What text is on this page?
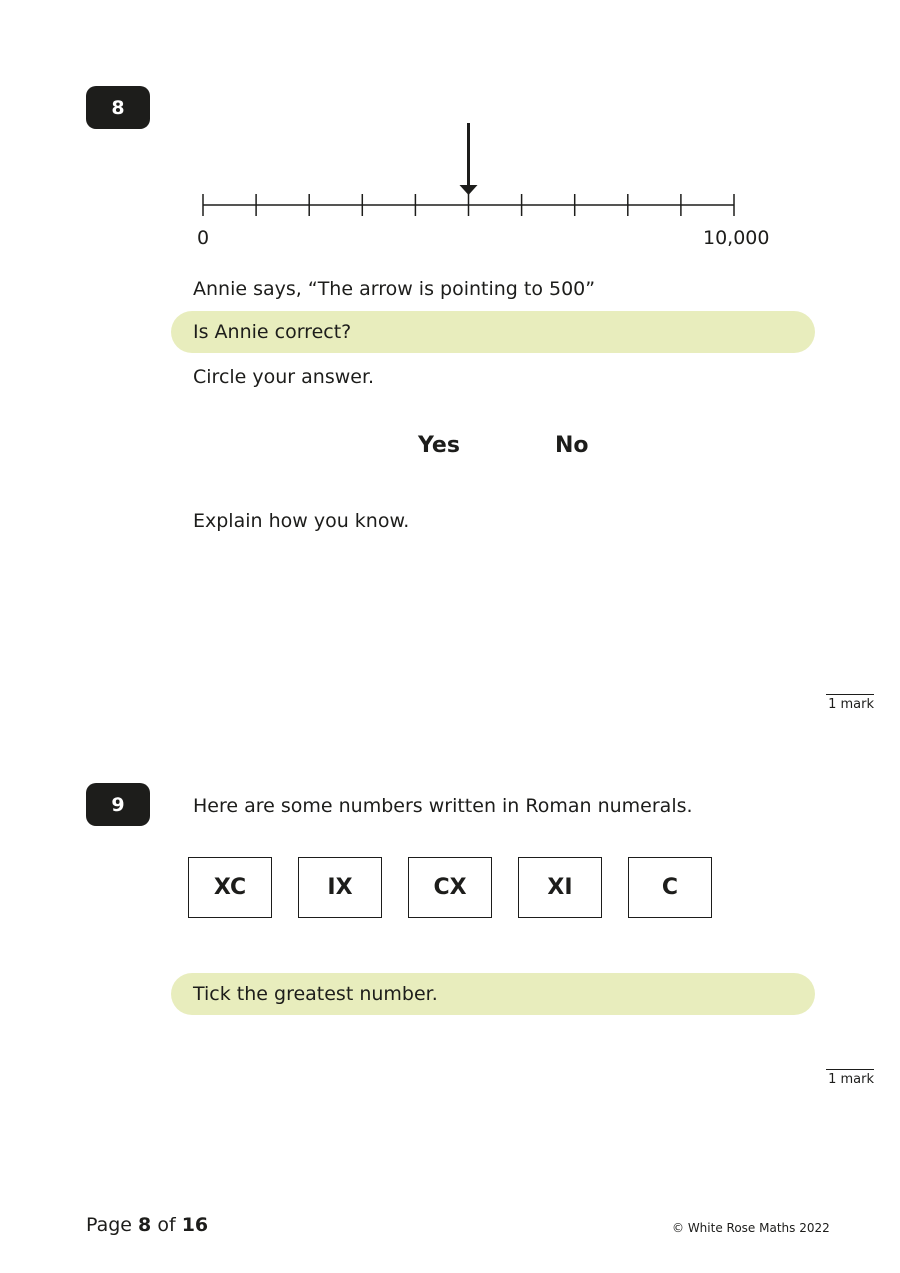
8
0	10,000
Annie says, “The arrow is pointing to 500”
Is Annie correct?
Circle your answer.
Yes	No
Explain how you know.
1 mark
9	Here are some numbers written in Roman numerals.
XC	IX	CX	XI	C
Tick the greatest number.
1 mark
Page 8 of 16	© White Rose Maths 2022
